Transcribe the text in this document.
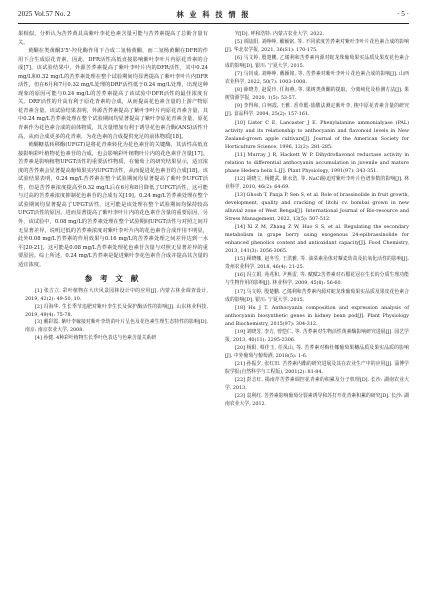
2025 Vol.57 No. 2	林 业 科 技 情 报	· 5 ·

果相似，分析认为苦荞黄具高紫叶李花色素含量可能与苦荞素提高了总酚含量有关。

黄酮在类黄酮3'5'-羟化酶作用下合成二氢杨黄酮，而二氢杨黄酮在DFR的作用下合生成原花青素，因此，DFR活性高低直接影响紫叶李叶片内原花青素的合成[7]。该试验结果中，外源苦荞素提高了紫叶李叶片内的DFR活性，其中0.24 mg/L和0.32 mg/L的苦荞素处理在整个试验期间均显著提高了紫叶李叶片内DFR活性，但在6月和7月0.32 mg/L处理的DRF活性低于0.24 mg/L处理，出现这种现象的原因可能与0.24 mg/L的苦荞素提高了该试验中DFR活性的最佳浓度有关。DRF活性的升高有利于原花青素的合成，从而提高花色素含量的上游产物原花青素含量。该试验结果表明，外源苦荞素提高了紫叶李叶片内原花青素含量，其中0.24 mg/L苦荞素处理在整个试验期间均显著提高了紫叶李原花青素含量，原花青素作为花色素合成的前体物质，其含量增加有利于诱导花色素合酶(ANS)活性升高，从而合成更多的花青素，为花色素的合成提供充足的前体物质[18]。

黄酮糖基转移酶(UFGT)是将花青素转化为花色素苷的关键酶，其活性高低直接影响彩叶植物花色素苷的合成，也会影响彩叶植物叶片内的花色素苷含量[17]。苦荞素是影响植物UFGT活性的重要活性物质，在葡萄上的研究结果显示，适宜浓度的苦荞素会显著提高葡萄果实内UFGT活性，从而促进花色素苷的合成[18]。该试验结果表明，0.24 mg/L苦荞素在整个试验期间均显著提高了紫叶李UFGT活性，但是苦荞素浓度提高至0.32 mg/L后在6月和8月降低了UFGT活性，这可能与过高的苦荞素浓度抑制花色素苷的合成有关[19]。0.24 mg/L苦荞素处理在整个试验期间均显著提高了UFGT活性，这可能是该处理在整个试验期间均保持较高UFGT活性的原因，进而显著提高了紫叶李叶片内的花色素苷含量的重要原因。另外，该试验中，0.08 mg/L的苦荞素处理在整个试验期间UFGT活性与对照之间并无显著差异，说明过低的苦荞素浓度对紫叶李叶片内的花色素苷合成作用不明显，此外0.08 mg/L苦荞素的作用效果与0.16 mg/L的苦荞素处理之间差异达到一水平[20-21]，这可能是0.08 mg/L苦荞素处理花色素苷含量与对照无显著差异的重要原因。综上所述，0.24 mg/L苦荞素是促进紫叶李花色素苷合成并提高其含量的适宜浓度。

参 考 文 献

[1] 张吉立. 彩叶植物在大庆风景园林设计中的应用[J]. 内蒙古林业调查设计, 2019, 42(2): 49-50, 10.

[2] 冯海华. 生长季节追肥对紫叶李生长及保护酶活性的影响[J]. 山东林业科技, 2019, 49(4): 75-78.

[3] 戴彩霞. 紫叶李嫁接对紫叶李幼苗叶片呈色及花色素生理生态特性的影响[D]. 南京: 南京农业大学, 2008.

[4] 孙健. 4种彩叶植物生长季叶色表达与色素含量关系研

究[D]. 呼和浩特: 内蒙古农业大学, 2022.

[5] 项陆阳, 刘峥峥, 戴颖铭, 等. 不同浓度苦荞素对紫叶李叶片花色素合成的影响[J]. 华北农学报, 2021, 36(S1): 170-175.

[6] 马文婷, 殷楚鹏, 乙烯利和苦荞素内源对蛇龙珠葡萄果实品质及果皮花色素合成的影响[D]. 银川: 宁夏大学, 2015.

[7] 马钊成, 刘峥峥, 戴颖铭, 等. 苦荞素对紫叶李叶片花色素合成的影响[J]. 山西农业科学, 2022, 50(7): 1003-1008.

[8] 薛晓芳, 赵爱玲, 任海燕, 等. 果树类黄酮的提取、分离纯化及检测方法[J]. 果树资源学报, 2020, 1(5): 53-57.

[9] 李得和, 白柯霞, 王雅. 香草醛-盐酸法测定紫叶李, 梭中原花青素含量的研究[J]. 食品科学, 2004, 25(2): 157-161.

[10] Lister C E, Lancaster J E. Phenylalanine ammonialyase (PAL) activity and its relationship to anthocyanin and flavonoid levels in New Zealand-grown apple cultivars[J]. Journal of the American Society for Horticulture Science, 1996, 12(2): 281-285.

[11] Murray J R, Hackett W P. Dihydroflavonol reductase activity in relation to differential anthocyanin accumulation in juvenile and mature phase Hedera helix L.[J]. Plant Physiology, 1991(97): 343-351.

[12] 胡晓立, 杨健武, 陈水浩, 等. NaCl胁迫对紫叶李叶片色谱参数的影响[J]. 林业科学, 2010, 46(2): 64-69.

[13] Ghosh T, Panja P, Sen S, et al. Role of brassinolide in fruit growth, development, quality and cracking of litchi cv. bombai grown in new alluvial zone of West Bengal[J]. International Journal of Bio-resource and Stress Management, 2022, 13(5): 507-512.

[14] Xi Z M, Zhang Z W, Huo S S, et al. Regulating the secondary metabolism in grape berry using exogenous 24-epibrassinolide for enhanced phenolics content and antioxidant capacity[J]. Food Chemistry, 2013, 141(3): 3056-3065.

[15] 顾晓娜, 赵冬雪, 王洪雅, 等. 油菜素甾体对藜麦幼苗及抗氧化活性的影响[J]. 贵州农业科学, 2018, 46(4): 21-25.

[16] 冯立娟, 苑兆和, 尹燕雷, 等. 赋赋2苦荞素对石榴花冠在生长的分质生理功能与生物作用的影响[J]. 林业科学, 2009, 45(8): 56-60.

[17] 马文婷, 殷楚鹏. 乙烯利和苦荞素内源对蛇龙珠葡萄果实品质及果皮花色素合成的影响[D]. 银川: 宁夏大学, 2015.

[18] Hu J T. Anthocyanin composition and expression analysis of anthocyanin biosynthetic genes in kidney bean pod[J]. Plant Physiology and Biochemistry, 2015(97): 304-312.

[19] 刘晓芳, 李方, 曾恺仁, 等. 苦荞素对生物活性黄素酶影响研究进展[J]. 园艺学报, 2013, 40(11): 2295-2306.

[20] 杨阳, 蔡佳玉, 任凤山, 等. 苦荞素对梅杜娜葡萄果穗品质及果实品质的影响[J]. 中外葡萄与葡萄酒, 2018(5): 1-6.

[21] 孙振夕, 张红田. 苦荞素内酯的研究进展及其在农业生产中的应用[J]. 淄博学院学报(自然科学与工程版), 2001(2): 81-84.

[22] 彭志红. 揭南芹苦荞素调控花青素的积累及分子机理[D]. 长沙: 湖南农业大学, 2013.

[23] 袁利红. 苦荞素影响葡萄分裂素诱导和苏打开花青素积累的研究[D]. 长沙: 湖南农业大学, 2012.
